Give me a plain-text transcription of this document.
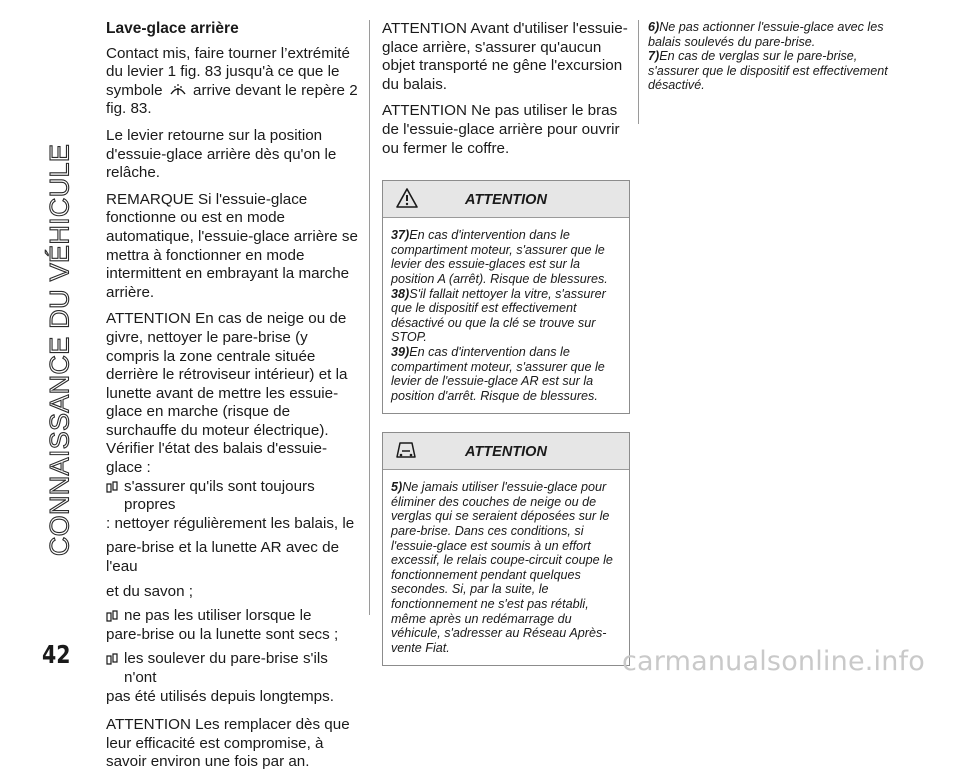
CONNAISSANCE DU VÉHICULE
Lave-glace arrière

Contact mis, faire tourner l’extrémité du levier 1 fig. 83 jusqu'à ce que le symbole arrive devant le repère 2 fig. 83.

Le levier retourne sur la position d'essuie-glace arrière dès qu'on le relâche.

REMARQUE Si l'essuie-glace fonctionne ou est en mode automatique, l'essuie-glace arrière se mettra à fonctionner en mode intermittent en embrayant la marche arrière.

ATTENTION En cas de neige ou de givre, nettoyer le pare-brise (y compris la zone centrale située derrière le rétroviseur intérieur) et la lunette avant de mettre les essuie-glace en marche (risque de surchauffe du moteur électrique). Vérifier l'état des balais d'essuie-glace :

s'assurer qu'ils sont toujours propres

: nettoyer régulièrement les balais, le

pare-brise et la lunette AR avec de l'eau

et du savon ;

ne pas les utiliser lorsque le

pare-brise ou la lunette sont secs ;

les soulever du pare-brise s'ils n'ont

pas été utilisés depuis longtemps.

ATTENTION Les remplacer dès que leur efficacité est compromise, à savoir environ une fois par an.

ATTENTION Avant d'utiliser l'essuie-glace arrière, s'assurer qu'aucun objet transporté ne gêne l'excursion du balais.

ATTENTION Ne pas utiliser le bras de l'essuie-glace arrière pour ouvrir ou fermer le coffre.

ATTENTION

37)En cas d'intervention dans le compartiment moteur, s'assurer que le levier des essuie-glaces est sur la position A (arrêt). Risque de blessures.

38)S'il fallait nettoyer la vitre, s'assurer que le dispositif est effectivement désactivé ou que la clé se trouve sur STOP.

39)En cas d'intervention dans le compartiment moteur, s'assurer que le levier de l'essuie-glace AR est sur la position d'arrêt. Risque de blessures.

ATTENTION

5)Ne jamais utiliser l'essuie-glace pour éliminer des couches de neige ou de verglas qui se seraient déposées sur le pare-brise. Dans ces conditions, si l'essuie-glace est soumis à un effort excessif, le relais coupe-circuit coupe le fonctionnement pendant quelques secondes. Si, par la suite, le fonctionnement ne s'est pas rétabli, même après un redémarrage du véhicule, s'adresser au Réseau Après-vente Fiat.

6)Ne pas actionner l'essuie-glace avec les balais soulevés du pare-brise.

7)En cas de verglas sur le pare-brise, s'assurer que le dispositif est effectivement désactivé.

42	carmanualsonline.info
